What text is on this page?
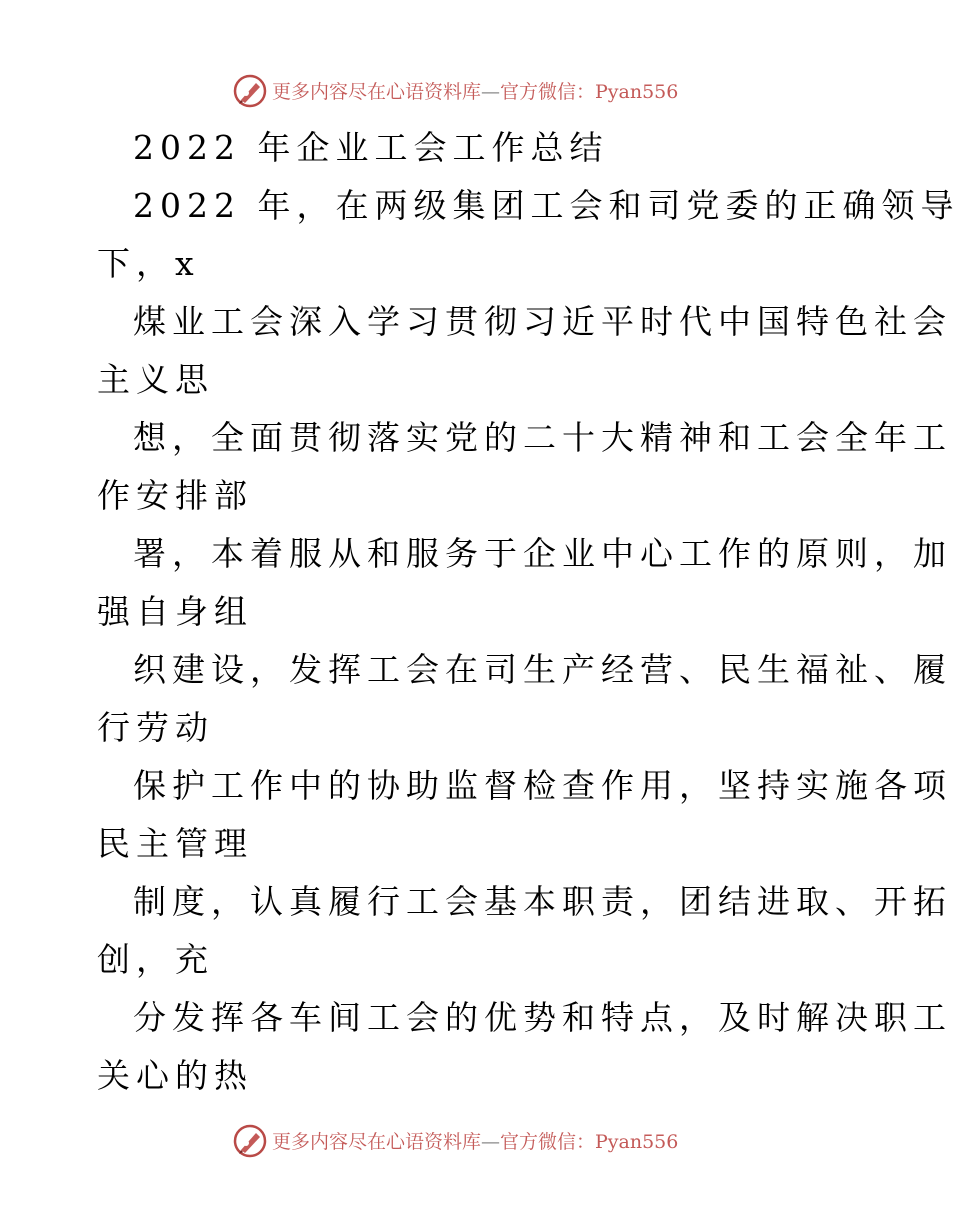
更多内容尽在心语资料库—官方微信：Pyan556
2022 年企业工会工作总结
2022 年，在两级集团工会和司党委的正确领导
下，x
煤业工会深入学习贯彻习近平时代中国特色社会
主义思
想，全面贯彻落实党的二十大精神和工会全年工
作安排部
署，本着服从和服务于企业中心工作的原则，加
强自身组
织建设，发挥工会在司生产经营、民生福祉、履
行劳动
保护工作中的协助监督检查作用，坚持实施各项
民主管理
制度，认真履行工会基本职责，团结进取、开拓
创，充
分发挥各车间工会的优势和特点，及时解决职工
关心的热
更多内容尽在心语资料库—官方微信：Pyan556
